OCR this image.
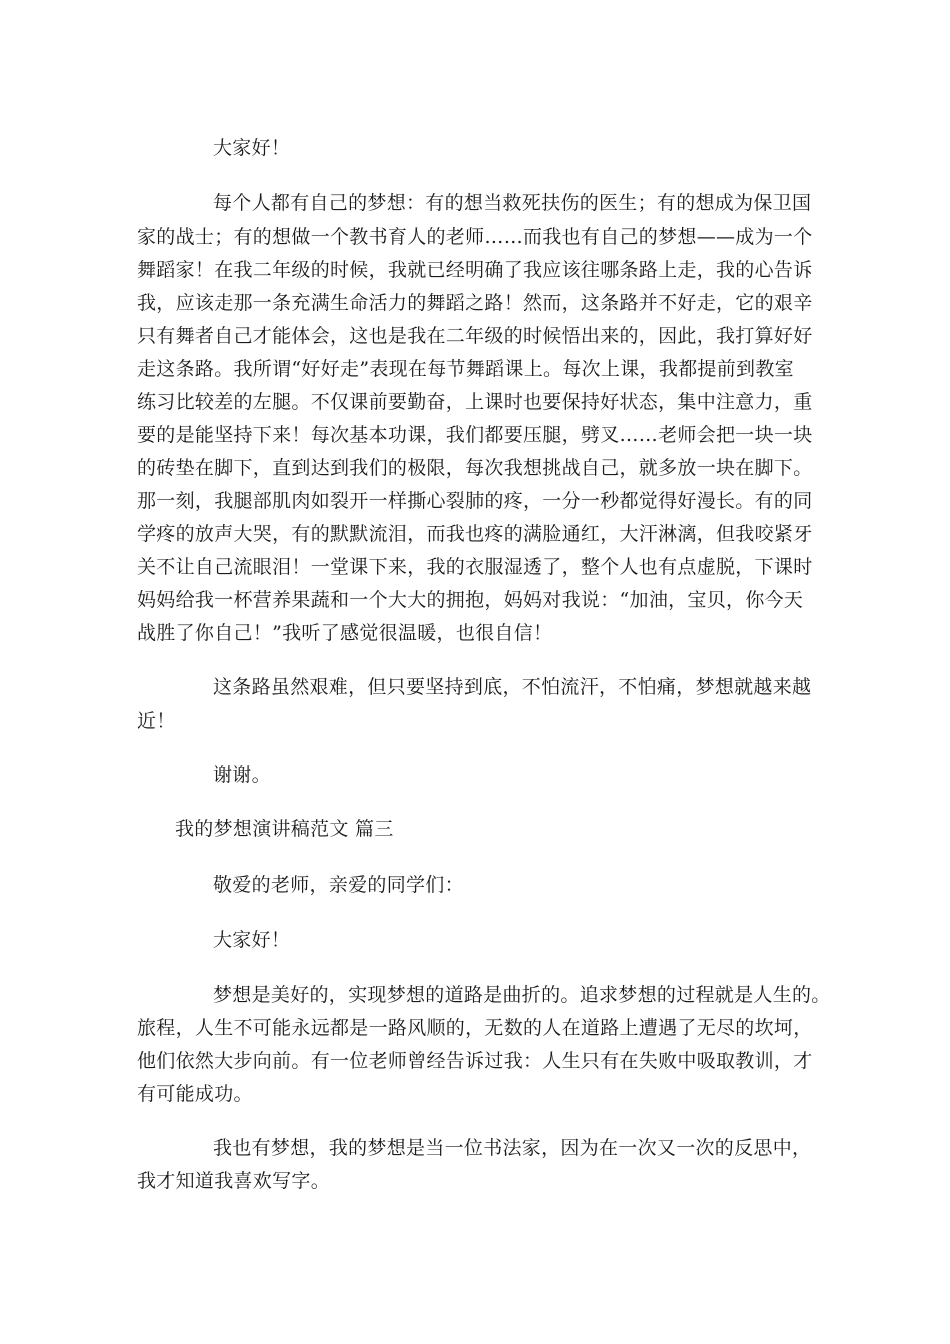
大家好！
每个人都有自己的梦想：有的想当救死扶伤的医生；有的想成为保卫国
家的战士；有的想做一个教书育人的老师……而我也有自己的梦想——成为一个
舞蹈家！在我二年级的时候，我就已经明确了我应该往哪条路上走，我的心告诉
我，应该走那一条充满生命活力的舞蹈之路！然而，这条路并不好走，它的艰辛
只有舞者自己才能体会，这也是我在二年级的时候悟出来的，因此，我打算好好
走这条路。我所谓“好好走”表现在每节舞蹈课上。每次上课，我都提前到教室
练习比较差的左腿。不仅课前要勤奋，上课时也要保持好状态，集中注意力，重
要的是能坚持下来！每次基本功课，我们都要压腿，劈叉……老师会把一块一块
的砖垫在脚下，直到达到我们的极限，每次我想挑战自己，就多放一块在脚下。
那一刻，我腿部肌肉如裂开一样撕心裂肺的疼，一分一秒都觉得好漫长。有的同
学疼的放声大哭，有的默默流泪，而我也疼的满脸通红，大汗淋漓，但我咬紧牙
关不让自己流眼泪！一堂课下来，我的衣服湿透了，整个人也有点虚脱，下课时
妈妈给我一杯营养果蔬和一个大大的拥抱，妈妈对我说：“加油，宝贝，你今天
战胜了你自己！”我听了感觉很温暖，也很自信！
这条路虽然艰难，但只要坚持到底，不怕流汗，不怕痛，梦想就越来越
近！
谢谢。
我的梦想演讲稿范文 篇三
敬爱的老师，亲爱的同学们：
大家好！
梦想是美好的，实现梦想的道路是曲折的。追求梦想的过程就是人生的。
旅程，人生不可能永远都是一路风顺的，无数的人在道路上遭遇了无尽的坎坷，
他们依然大步向前。有一位老师曾经告诉过我：人生只有在失败中吸取教训，才
有可能成功。
我也有梦想，我的梦想是当一位书法家，因为在一次又一次的反思中，
我才知道我喜欢写字。
